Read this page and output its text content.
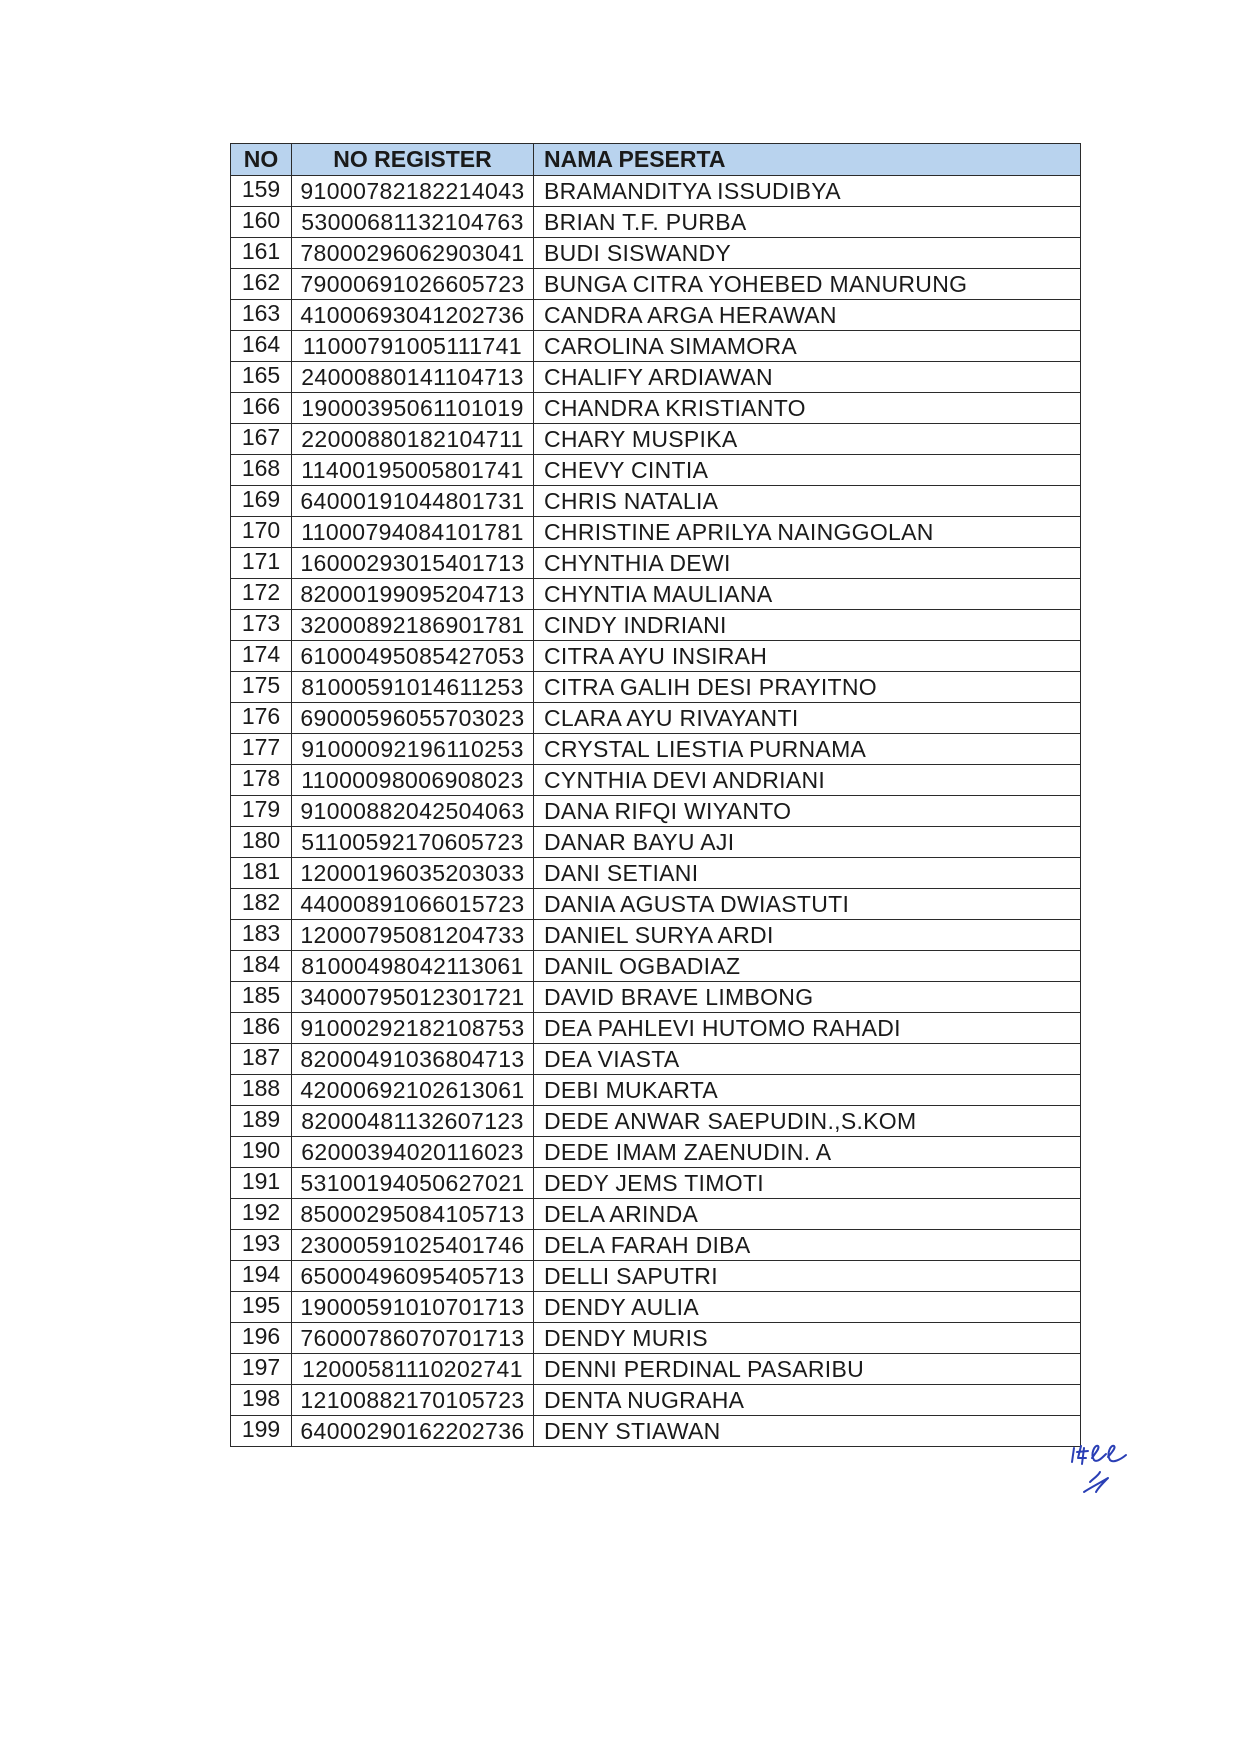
NO	NO REGISTER	NAMA PESERTA
159	91000782182214043	BRAMANDITYA ISSUDIBYA
160	53000681132104763	BRIAN T.F. PURBA
161	78000296062903041	BUDI SISWANDY
162	79000691026605723	BUNGA CITRA YOHEBED MANURUNG
163	41000693041202736	CANDRA ARGA HERAWAN
164	11000791005111741	CAROLINA SIMAMORA
165	24000880141104713	CHALIFY ARDIAWAN
166	19000395061101019	CHANDRA KRISTIANTO
167	22000880182104711	CHARY MUSPIKA
168	11400195005801741	CHEVY CINTIA
169	64000191044801731	CHRIS NATALIA
170	11000794084101781	CHRISTINE APRILYA NAINGGOLAN
171	16000293015401713	CHYNTHIA DEWI
172	82000199095204713	CHYNTIA MAULIANA
173	32000892186901781	CINDY INDRIANI
174	61000495085427053	CITRA AYU INSIRAH
175	81000591014611253	CITRA GALIH DESI PRAYITNO
176	69000596055703023	CLARA AYU RIVAYANTI
177	91000092196110253	CRYSTAL LIESTIA PURNAMA
178	11000098006908023	CYNTHIA DEVI ANDRIANI
179	91000882042504063	DANA RIFQI WIYANTO
180	51100592170605723	DANAR BAYU AJI
181	12000196035203033	DANI SETIANI
182	44000891066015723	DANIA AGUSTA DWIASTUTI
183	12000795081204733	DANIEL SURYA ARDI
184	81000498042113061	DANIL OGBADIAZ
185	34000795012301721	DAVID BRAVE LIMBONG
186	91000292182108753	DEA PAHLEVI HUTOMO RAHADI
187	82000491036804713	DEA VIASTA
188	42000692102613061	DEBI MUKARTA
189	82000481132607123	DEDE ANWAR SAEPUDIN.,S.KOM
190	62000394020116023	DEDE IMAM ZAENUDIN. A
191	53100194050627021	DEDY JEMS TIMOTI
192	85000295084105713	DELA ARINDA
193	23000591025401746	DELA FARAH DIBA
194	65000496095405713	DELLI SAPUTRI
195	19000591010701713	DENDY AULIA
196	76000786070701713	DENDY MURIS
197	12000581110202741	DENNI PERDINAL PASARIBU
198	12100882170105723	DENTA NUGRAHA
199	64000290162202736	DENY STIAWAN
